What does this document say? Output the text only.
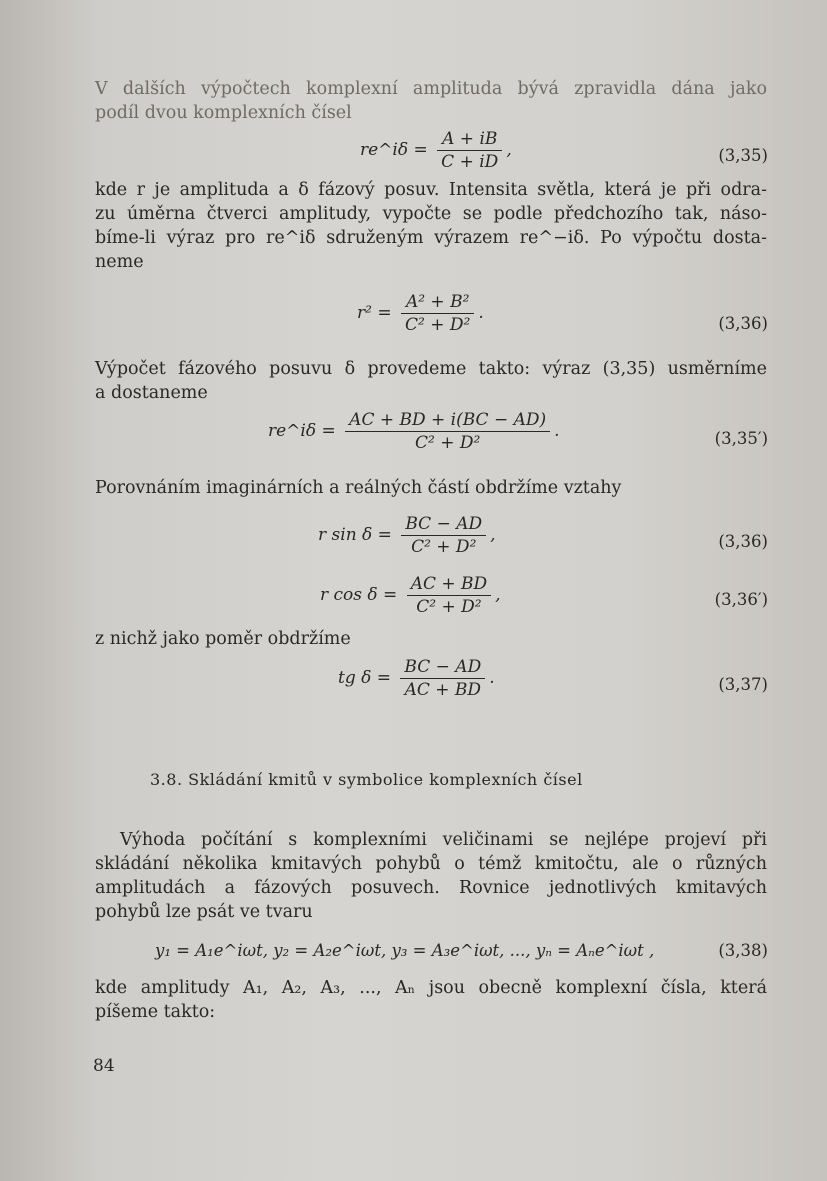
V dalších výpočtech komplexní amplituda bývá zpravidla dána jako
podíl dvou komplexních čísel
re^iδ = $\frac{A + iB}{C + iD}$ ,	(3,35)
kde r je amplituda a δ fázový posuv. Intensita světla, která je při odra-
zu úměrna čtverci amplitudy, vypočte se podle předchozího tak, náso-
bíme-li výraz pro re^iδ sdruženým výrazem re^−iδ. Po výpočtu dosta-
neme
$r^2 = \frac{\text{A² + B²}}{\text{C² + D²}}$ .
(3,36)
Výpočet fázového posuvu δ provedeme takto: výraz (3,35) usměrníme
a dostaneme
re^iδ = $\frac{AC + BD + i(BC - AD)}{\text{C² + D²}}$ .	(3,35′)
Porovnáním imaginárních a reálných částí obdržíme vztahy
r $\sin \delta = \frac{BC - AD}{\text{C² + D²}}$ ,	(3,36)
r $\cos \delta = \frac{AC + BD}{\text{C² + D²}}$ ,	(3,36′)
z nichž jako poměr obdržíme
tg $\delta = \frac{BC - AD}{AC + BD}$ .	(3,37)
3.8. Skládání kmitů v symbolice komplexních čísel
Výhoda počítání s komplexními veličinami se nejlépe projeví při
skládání několika kmitavých pohybů o témž kmitočtu, ale o různých
amplitudách a fázových posuvech. Rovnice jednotlivých kmitavých
pohybů lze psát ve tvaru
y₁ = A₁e^iωt, y₂ = A₂e^iωt, y₃ = A₃e^iωt, ..., yₙ = Aₙe^iωt ,	(3,38)
kde amplitudy A₁, A₂, A₃, ..., Aₙ jsou obecně komplexní čísla, která
píšeme takto:
84
